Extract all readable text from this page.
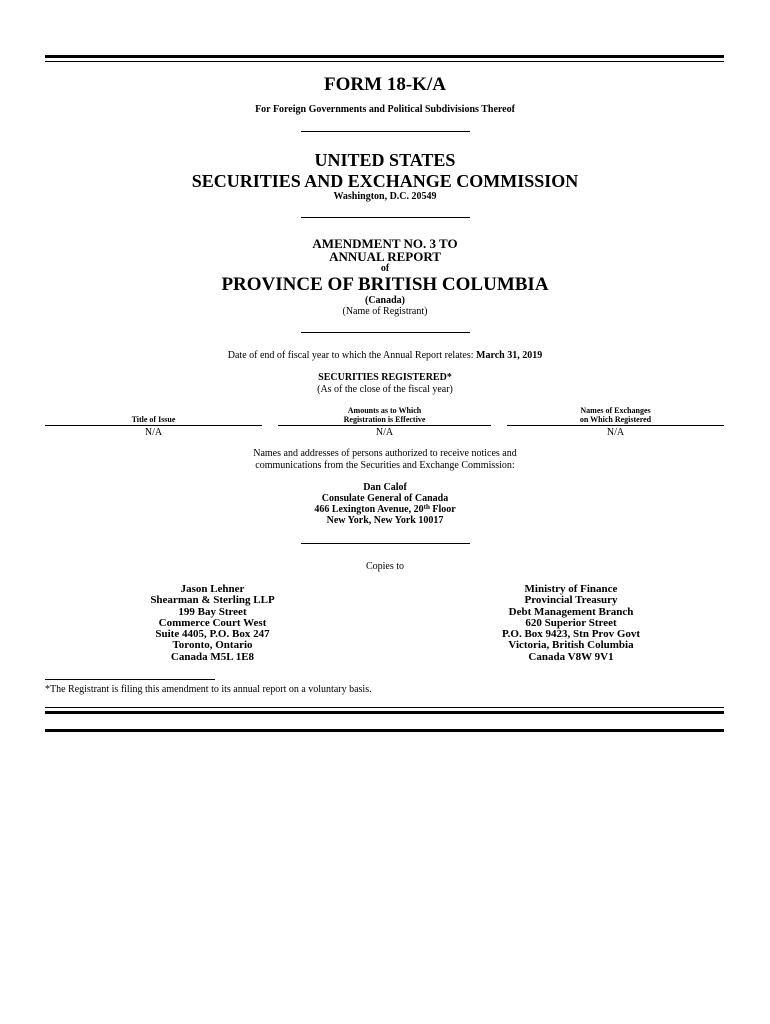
FORM 18-K/A
For Foreign Governments and Political Subdivisions Thereof
UNITED STATES
SECURITIES AND EXCHANGE COMMISSION
Washington, D.C. 20549
AMENDMENT NO. 3 TO
ANNUAL REPORT
of
PROVINCE OF BRITISH COLUMBIA
(Canada)
(Name of Registrant)
Date of end of fiscal year to which the Annual Report relates: March 31, 2019
SECURITIES REGISTERED*
(As of the close of the fiscal year)
Title of Issue
N/A
Amounts as to Which
Registration is Effective
N/A
Names of Exchanges
on Which Registered
N/A
Names and addresses of persons authorized to receive notices and
communications from the Securities and Exchange Commission:
Dan Calof
Consulate General of Canada
466 Lexington Avenue, 20th Floor
New York, New York 10017
Copies to
Jason Lehner
Shearman & Sterling LLP
199 Bay Street
Commerce Court West
Suite 4405, P.O. Box 247
Toronto, Ontario
Canada M5L 1E8
Ministry of Finance
Provincial Treasury
Debt Management Branch
620 Superior Street
P.O. Box 9423, Stn Prov Govt
Victoria, British Columbia
Canada V8W 9V1
*The Registrant is filing this amendment to its annual report on a voluntary basis.
